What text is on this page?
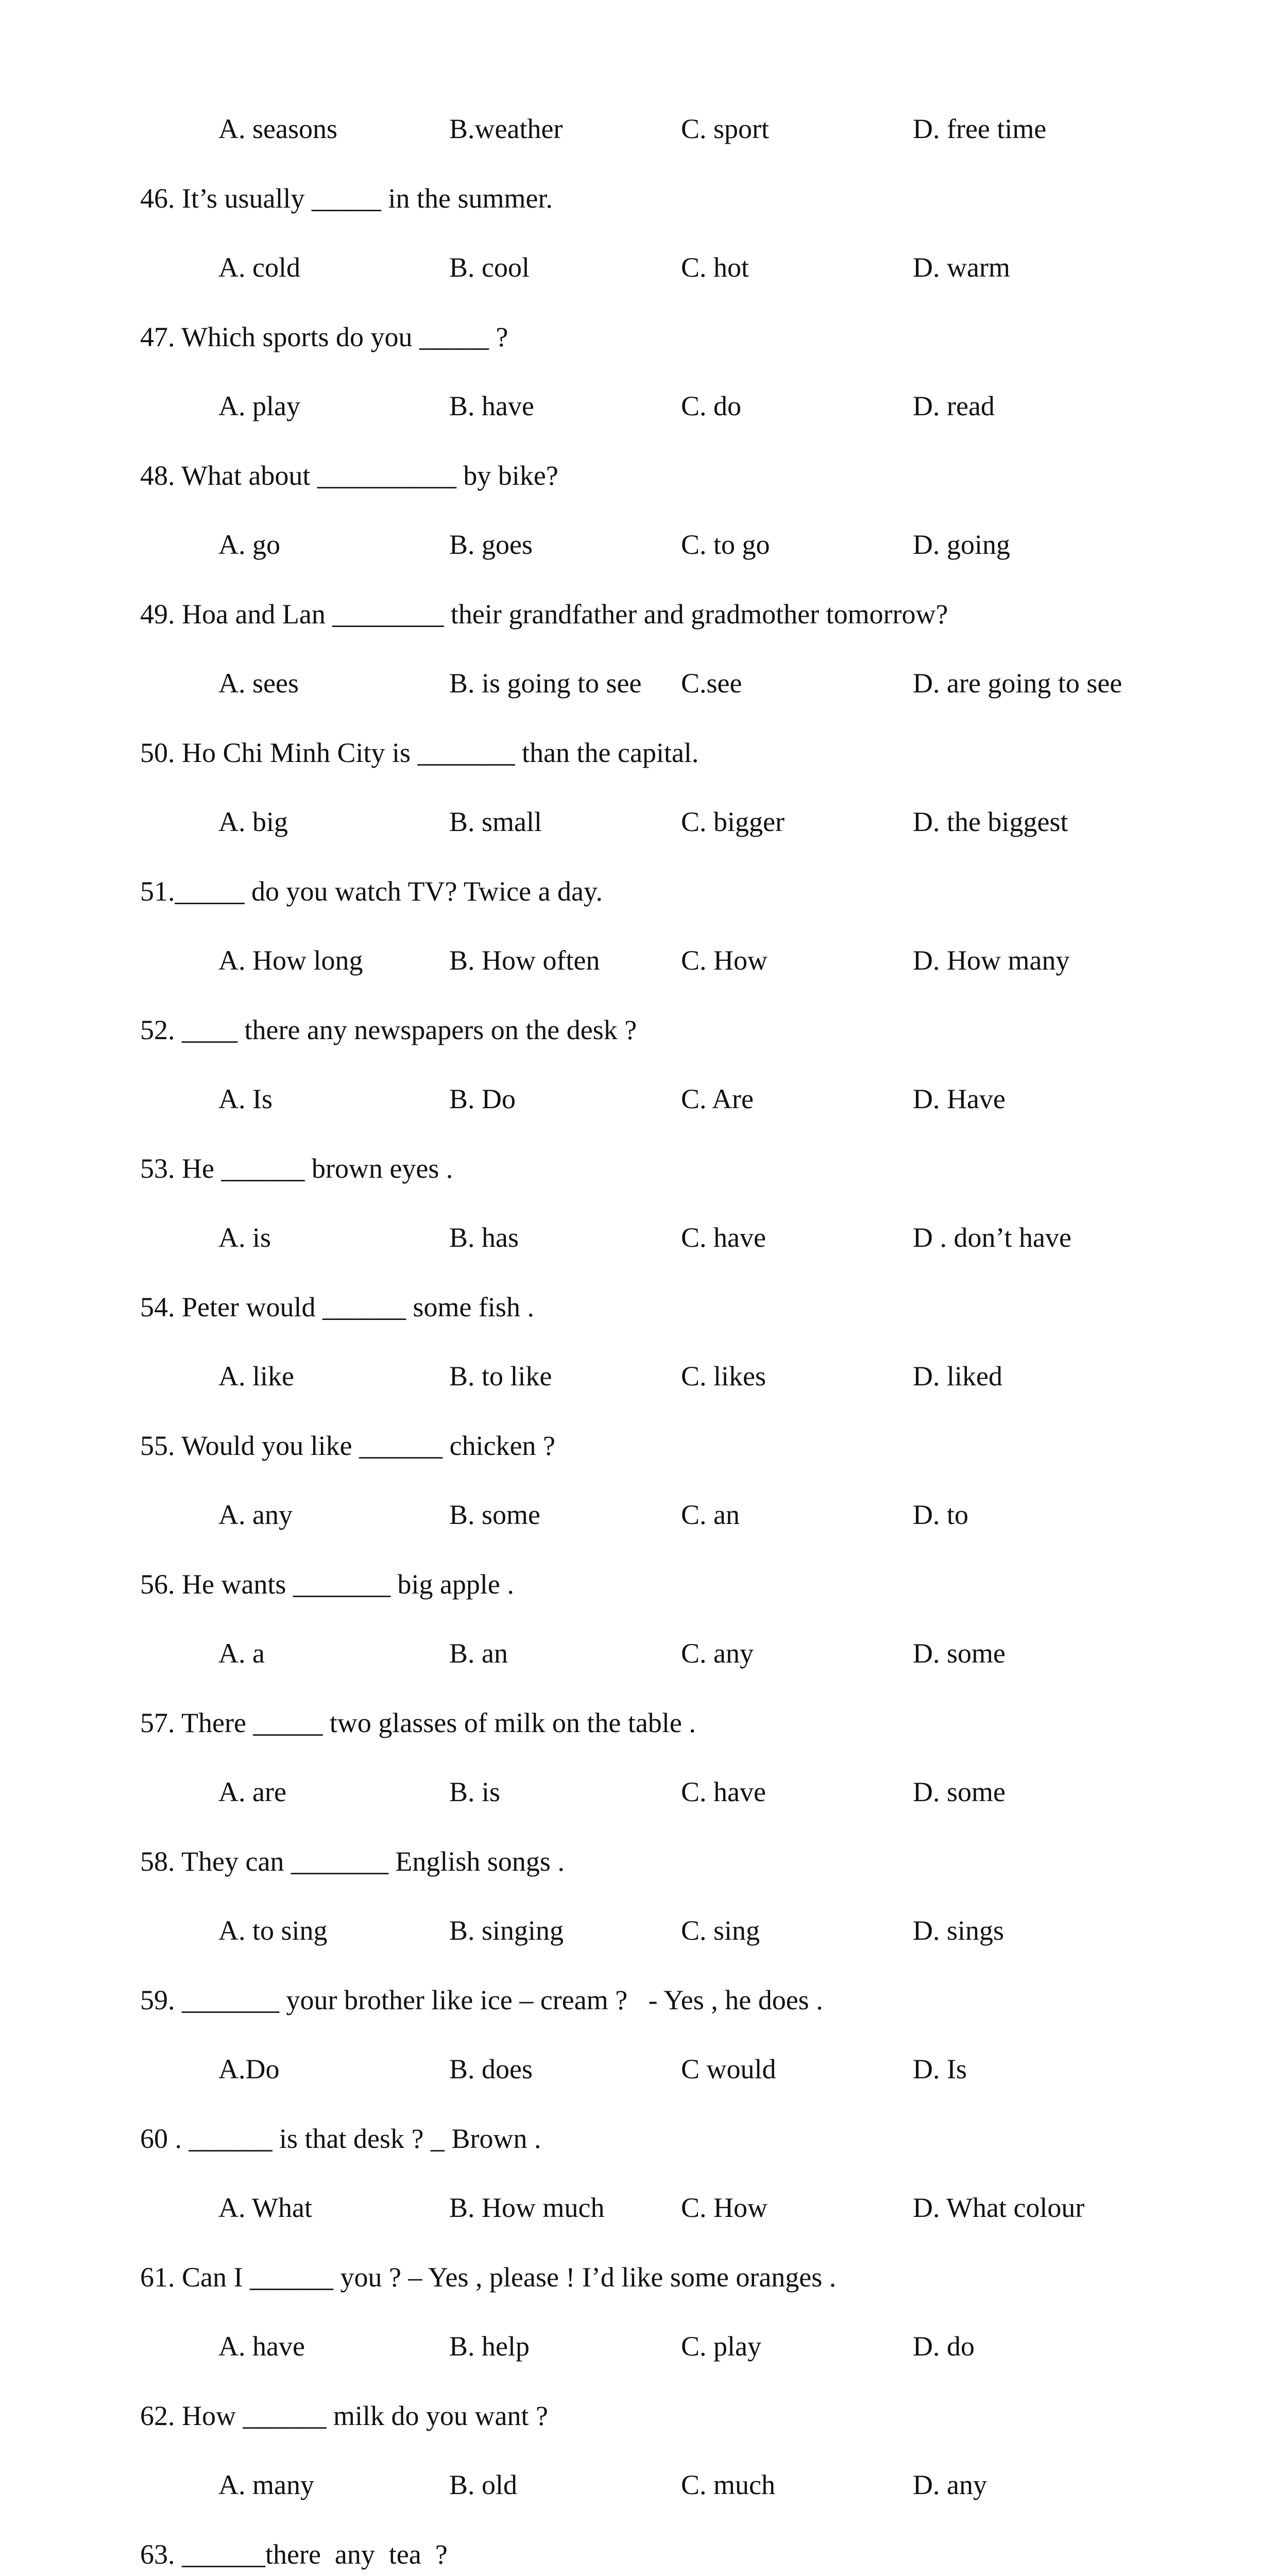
A. seasons	B.weather	C. sport	D. free time
46. It’s usually _____ in the summer.
A. cold	B. cool	C. hot	D. warm
47. Which sports do you _____ ?
A. play	B. have	C. do	D. read
48. What about __________ by bike?
A. go	B. goes	C. to go	D. going
49. Hoa and Lan ________ their grandfather and gradmother tomorrow?
A. sees	B. is going to see C.see	D. are going to see
50. Ho Chi Minh City is _______ than the capital.
A. big	B. small	C. bigger	D. the biggest
51._____ do you watch TV? Twice a day.
A. How long	B. How often	C. How	D. How many
52. ____ there any newspapers on the desk ?
A. Is	B. Do	C. Are	D. Have
53. He ______ brown eyes .
A. is	B. has	C. have	D . don’t have
54. Peter would ______ some fish .
A. like	B. to like	C. likes	D. liked
55. Would you like ______ chicken ?
A. any	B. some	C. an	D. to
56. He wants _______ big apple .
A. a	B. an	C. any	D. some
57. There _____ two glasses of milk on the table .
A. are	B. is	C. have	D. some
58. They can _______ English songs .
A. to sing	B. singing	C. sing	D. sings
59. _______ your brother like ice – cream ?   - Yes , he does .
A.Do	B. does	C would	D. Is
60 . ______ is that desk ? _ Brown .
A. What	B. How much	C. How	D. What colour
61. Can I ______ you ? – Yes , please ! I’d like some oranges .
A. have	B. help	C. play	D. do
62. How ______ milk do you want ?
A. many	B. old	C. much	D. any
63. ______there  any  tea  ?
